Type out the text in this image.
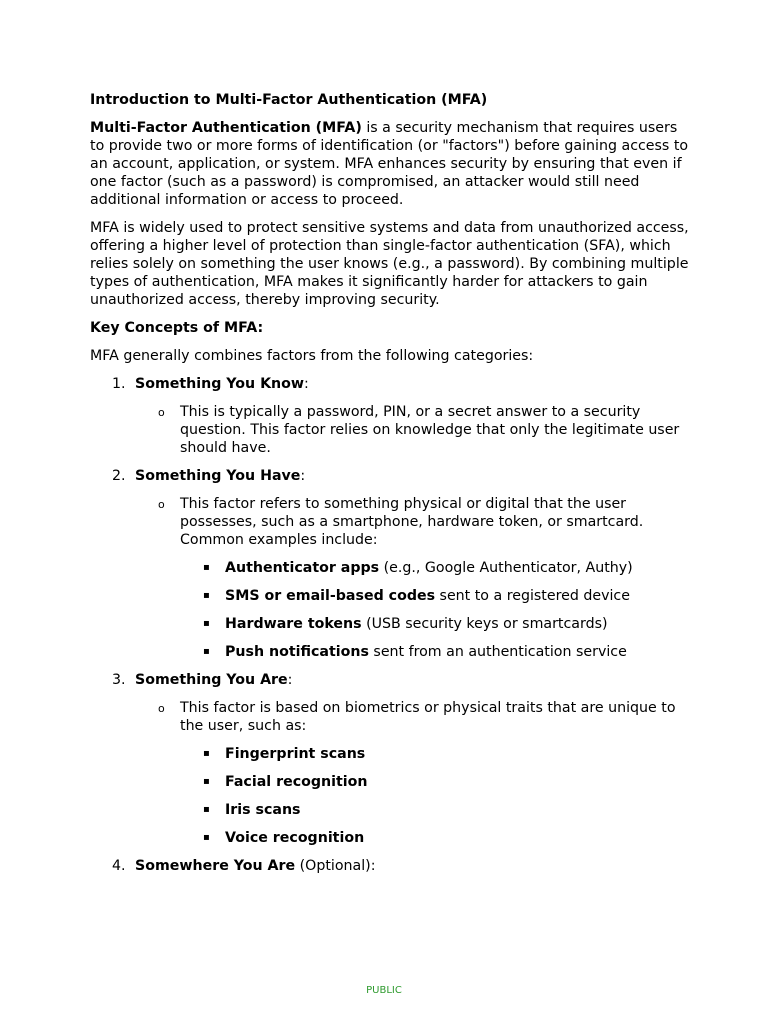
Introduction to Multi-Factor Authentication (MFA)

Multi-Factor Authentication (MFA) is a security mechanism that requires users to provide two or more forms of identification (or "factors") before gaining access to an account, application, or system. MFA enhances security by ensuring that even if one factor (such as a password) is compromised, an attacker would still need additional information or access to proceed.

MFA is widely used to protect sensitive systems and data from unauthorized access, offering a higher level of protection than single-factor authentication (SFA), which relies solely on something the user knows (e.g., a password). By combining multiple types of authentication, MFA makes it significantly harder for attackers to gain unauthorized access, thereby improving security.

Key Concepts of MFA:

MFA generally combines factors from the following categories:

1. Something You Know:
o This is typically a password, PIN, or a secret answer to a security question. This factor relies on knowledge that only the legitimate user should have.
2. Something You Have:
o This factor refers to something physical or digital that the user possesses, such as a smartphone, hardware token, or smartcard. Common examples include:
▪ Authenticator apps (e.g., Google Authenticator, Authy)
▪ SMS or email-based codes sent to a registered device
▪ Hardware tokens (USB security keys or smartcards)
▪ Push notifications sent from an authentication service
3. Something You Are:
o This factor is based on biometrics or physical traits that are unique to the user, such as:
▪ Fingerprint scans
▪ Facial recognition
▪ Iris scans
▪ Voice recognition
4. Somewhere You Are (Optional):
PUBLIC
